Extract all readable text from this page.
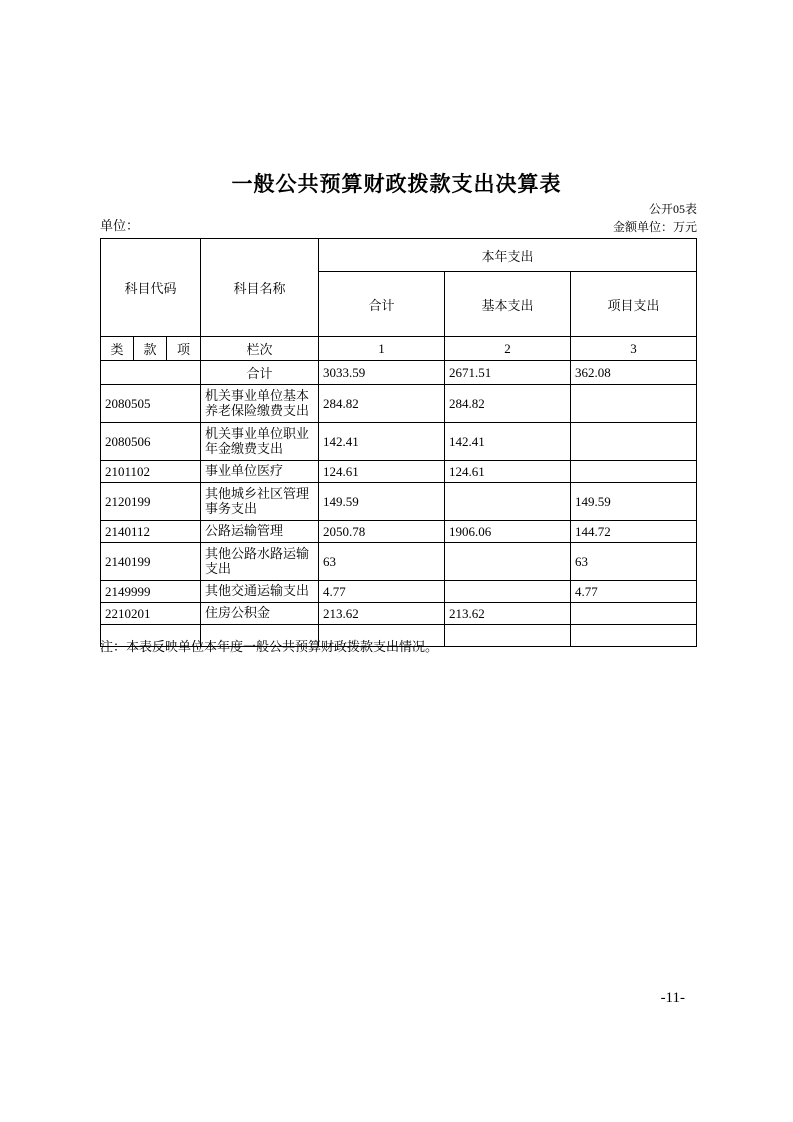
一般公共预算财政拨款支出决算表
公开05表
单位：	金额单位：万元
科目代码			科目名称	本年支出		
				合计	基本支出	项目支出
类	款	项	栏次	1	2	3
			合计	3033.59	2671.51	362.08
2080505			机关事业单位基本养老保险缴费支出	284.82	284.82	
2080506			机关事业单位职业年金缴费支出	142.41	142.41	
2101102			事业单位医疗	124.61	124.61	
2120199			其他城乡社区管理事务支出	149.59		149.59
2140112			公路运输管理	2050.78	1906.06	144.72
2140199			其他公路水路运输支出	63		63
2149999			其他交通运输支出	4.77		4.77
2210201			住房公积金	213.62	213.62	

注：本表反映单位本年度一般公共预算财政拨款支出情况。
-11-
